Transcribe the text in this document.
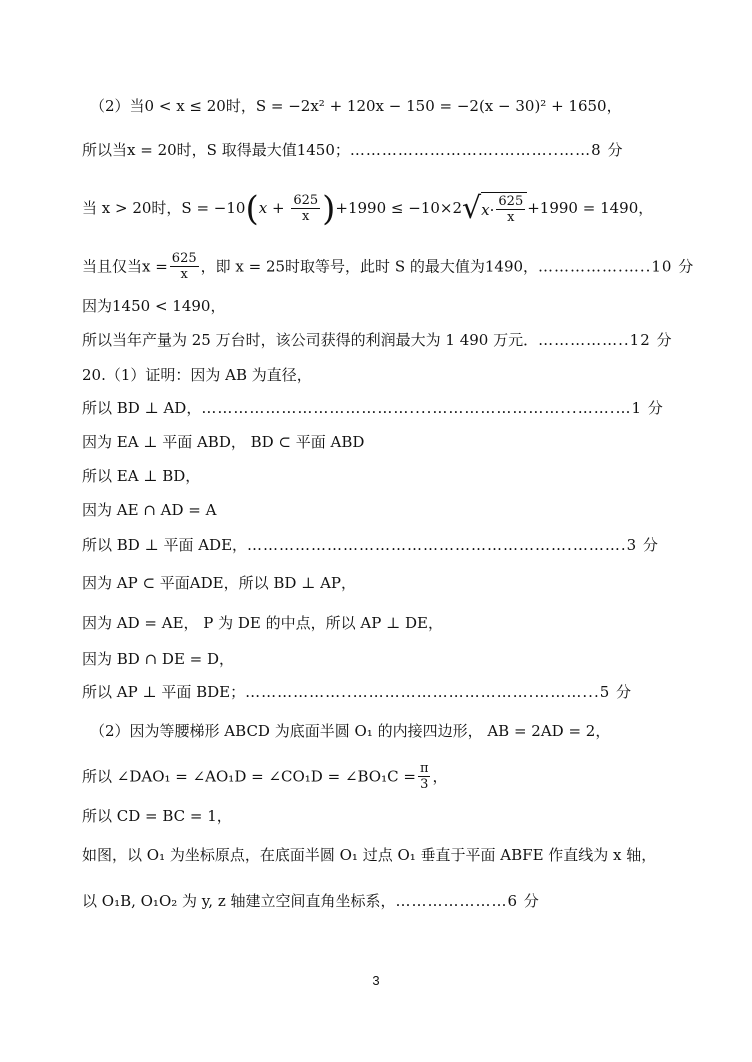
（2）当0 < x ≤ 20时，S = −2x² + 120x − 150 = −2(x − 30)² + 1650，
所以当x = 20时，S 取得最大值1450；……………………….………..……8 分
当 x > 20时，$S = -10(x + \frac{625}{x} )+1990 \le -10\times 2$ √ $x \cdot \frac{625}{x} +1990 = 1490$，
当且仅当$x = \frac{625}{x}$ ，即 x = 25时取等号，此时 S 的最大值为1490，…………….…..10 分
因为1450 < 1490，
所以当年产量为 25 万台时，该公司获得的利润最大为 1 490 万元．……………..12 分
20.（1）证明：因为 AB 为直径，
所以 BD ⊥ AD，…………………………………....……………………...…….…1 分
因为 EA ⊥ 平面 ABD， BD ⊂ 平面 ABD
所以 EA ⊥ BD，
因为 AE ∩ AD = A
所以 BD ⊥ 平面 ADE，…………………………………………………….……….3 分
因为 AP ⊂ 平面ADE，所以 BD ⊥ AP，
因为 AD = AE， P 为 DE 的中点，所以 AP ⊥ DE，
因为 BD ∩ DE = D，
所以 AP ⊥ 平面 BDE；………………..…………………………….………...5 分
（2）因为等腰梯形 ABCD 为底面半圆 O₁ 的内接四边形， AB = 2AD = 2，
所以 ∠DAO₁ = ∠AO₁D = ∠CO₁D = ∠BO₁C = $\frac{\pi}{3}$ ，
所以 CD = BC = 1，
如图，以 O₁ 为坐标原点，在底面半圆 O₁ 过点 O₁ 垂直于平面 ABFE 作直线为 x 轴，
以 O₁B, O₁O₂ 为 y, z 轴建立空间直角坐标系，…………………6 分
3
